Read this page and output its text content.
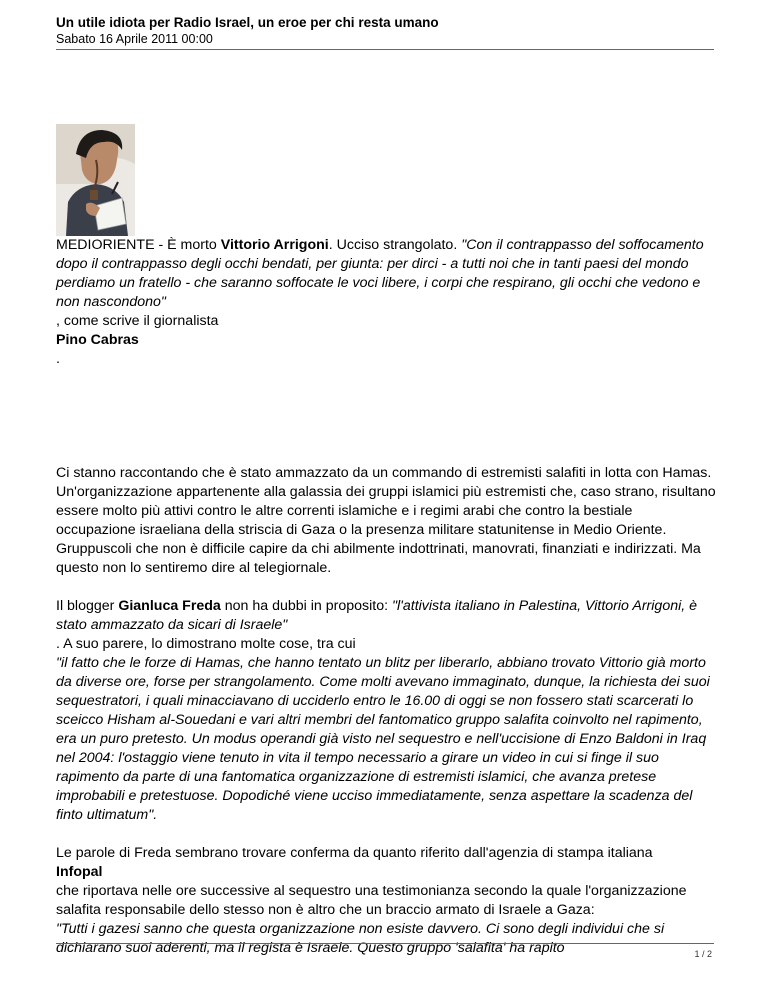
Un utile idiota per Radio Israel, un eroe per chi resta umano
Sabato 16 Aprile 2011 00:00

MEDIORIENTE - È morto Vittorio Arrigoni. Ucciso strangolato. "Con il contrappasso del soffocamento dopo il contrappasso degli occhi bendati, per giunta: per dirci - a tutti noi che in tanti paesi del mondo perdiamo un fratello - che saranno soffocate le voci libere, i corpi che respirano, gli occhi che vedono e non nascondono"

, come scrive il giornalista

Pino Cabras

.

Ci stanno raccontando che è stato ammazzato da un commando di estremisti salafiti in lotta con Hamas. Un'organizzazione appartenente alla galassia dei gruppi islamici più estremisti che, caso strano, risultano essere molto più attivi contro le altre correnti islamiche e i regimi arabi che contro la bestiale occupazione israeliana della striscia di Gaza o la presenza militare statunitense in Medio Oriente. Gruppuscoli che non è difficile capire da chi abilmente indottrinati, manovrati, finanziati e indirizzati. Ma questo non lo sentiremo dire al telegiornale.

Il blogger Gianluca Freda non ha dubbi in proposito: "l'attivista italiano in Palestina, Vittorio Arrigoni, è stato ammazzato da sicari di Israele"

. A suo parere, lo dimostrano molte cose, tra cui

"il fatto che le forze di Hamas, che hanno tentato un blitz per liberarlo, abbiano trovato Vittorio già morto da diverse ore, forse per strangolamento. Come molti avevano immaginato, dunque, la richiesta dei suoi sequestratori, i quali minacciavano di ucciderlo entro le 16.00 di oggi se non fossero stati scarcerati lo sceicco Hisham al-Souedani e vari altri membri del fantomatico gruppo salafita coinvolto nel rapimento, era un puro pretesto. Un modus operandi già visto nel sequestro e nell'uccisione di Enzo Baldoni in Iraq nel 2004: l'ostaggio viene tenuto in vita il tempo necessario a girare un video in cui si finge il suo rapimento da parte di una fantomatica organizzazione di estremisti islamici, che avanza pretese improbabili e pretestuose. Dopodiché viene ucciso immediatamente, senza aspettare la scadenza del finto ultimatum".

Le parole di Freda sembrano trovare conferma da quanto riferito dall'agenzia di stampa italiana

Infopal

che riportava nelle ore successive al sequestro una testimonianza secondo la quale l'organizzazione salafita responsabile dello stesso non è altro che un braccio armato di Israele a Gaza:

"Tutti i gazesi sanno che questa organizzazione non esiste davvero. Ci sono degli individui che si dichiarano suoi aderenti, ma il regista è Israele. Questo gruppo 'salafita' ha rapito	1 / 2
